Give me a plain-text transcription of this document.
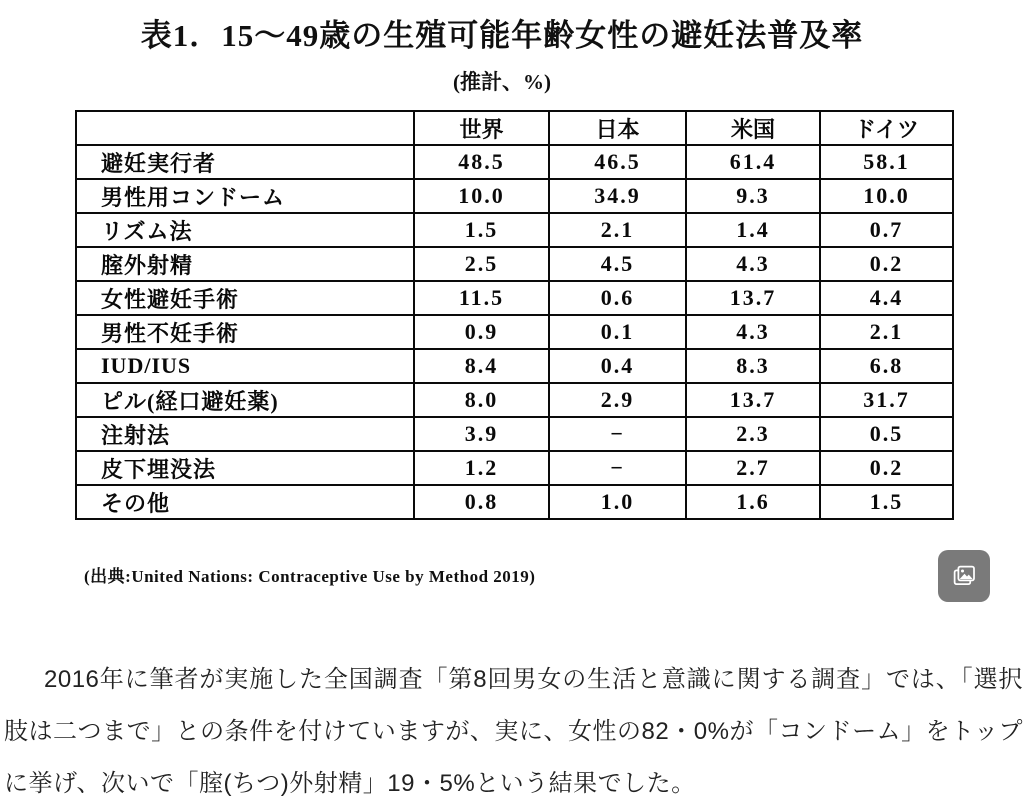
表1．15〜49歳の生殖可能年齢女性の避妊法普及率
(推計、%)
	世界	日本	米国	ドイツ
避妊実行者	48.5	46.5	61.4	58.1
男性用コンドーム	10.0	34.9	9.3	10.0
リズム法	1.5	2.1	1.4	0.7
腟外射精	2.5	4.5	4.3	0.2
女性避妊手術	11.5	0.6	13.7	4.4
男性不妊手術	0.9	0.1	4.3	2.1
IUD/IUS	8.4	0.4	8.3	6.8
ピル(経口避妊薬)	8.0	2.9	13.7	31.7
注射法	3.9	−	2.3	0.5
皮下埋没法	1.2	−	2.7	0.2
その他	0.8	1.0	1.6	1.5
(出典:United Nations: Contraceptive Use by Method 2019)

2016年に筆者が実施した全国調査「第8回男女の生活と意識に関する調査」では、「選択肢は二つまで」との条件を付けていますが、実に、女性の82・0%が「コンドーム」をトップに挙げ、次いで「腟(ちつ)外射精」19・5%という結果でした。
